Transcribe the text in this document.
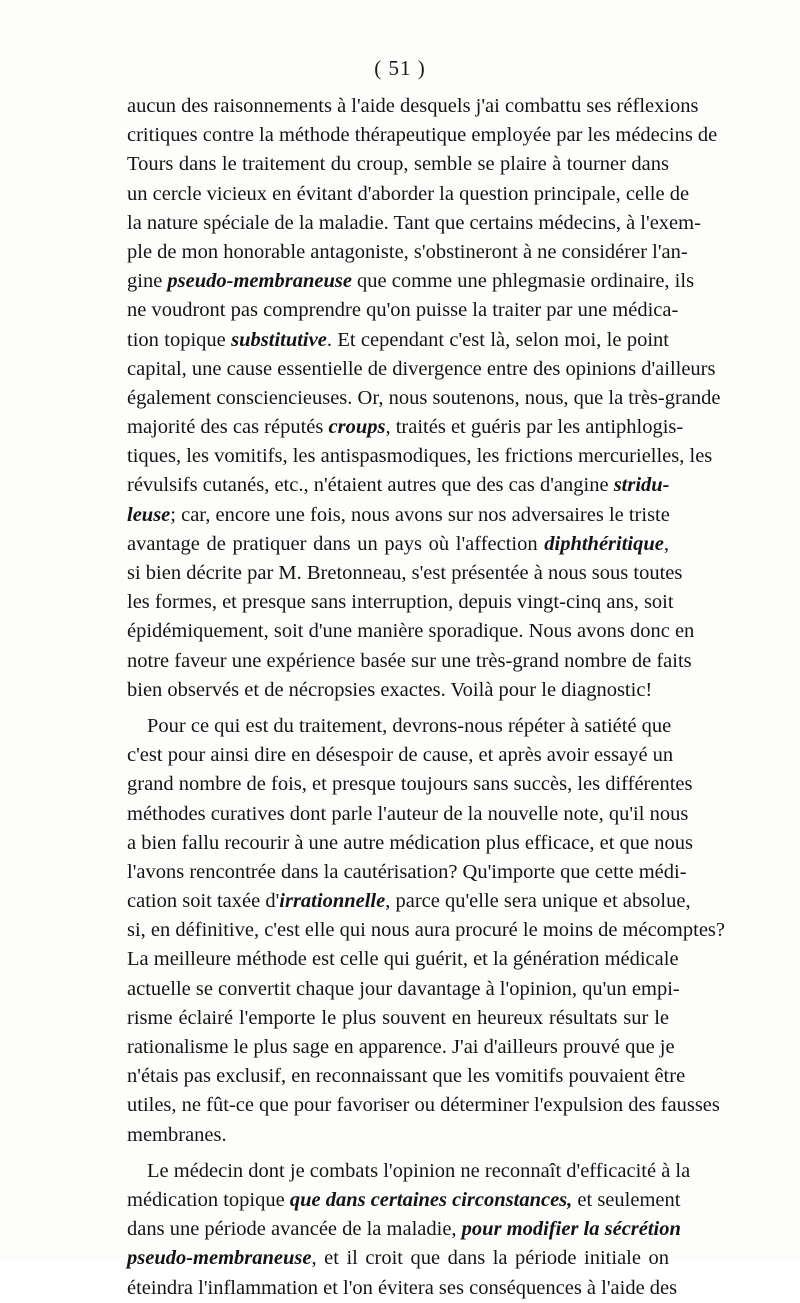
( 51 )
aucun des raisonnements à l'aide desquels j'ai combattu ses réflexions
critiques contre la méthode thérapeutique employée par les médecins de
Tours dans le traitement du croup, semble se plaire à tourner dans
un cercle vicieux en évitant d'aborder la question principale, celle de
la nature spéciale de la maladie. Tant que certains médecins, à l'exem-
ple de mon honorable antagoniste, s'obstineront à ne considérer l'an-
gine pseudo-membraneuse que comme une phlegmasie ordinaire, ils
ne voudront pas comprendre qu'on puisse la traiter par une médica-
tion topique substitutive. Et cependant c'est là, selon moi, le point
capital, une cause essentielle de divergence entre des opinions d'ailleurs
également consciencieuses. Or, nous soutenons, nous, que la très-grande
majorité des cas réputés croups, traités et guéris par les antiphlogis-
tiques, les vomitifs, les antispasmodiques, les frictions mercurielles, les
révulsifs cutanés, etc., n'étaient autres que des cas d'angine stridu-
leuse; car, encore une fois, nous avons sur nos adversaires le triste
avantage de pratiquer dans un pays où l'affection diphthéritique,
si bien décrite par M. Bretonneau, s'est présentée à nous sous toutes
les formes, et presque sans interruption, depuis vingt-cinq ans, soit
épidémiquement, soit d'une manière sporadique. Nous avons donc en
notre faveur une expérience basée sur une très-grand nombre de faits
bien observés et de nécropsies exactes. Voilà pour le diagnostic!
Pour ce qui est du traitement, devrons-nous répéter à satiété que
c'est pour ainsi dire en désespoir de cause, et après avoir essayé un
grand nombre de fois, et presque toujours sans succès, les différentes
méthodes curatives dont parle l'auteur de la nouvelle note, qu'il nous
a bien fallu recourir à une autre médication plus efficace, et que nous
l'avons rencontrée dans la cautérisation? Qu'importe que cette médi-
cation soit taxée d'irrationnelle, parce qu'elle sera unique et absolue,
si, en définitive, c'est elle qui nous aura procuré le moins de mécomptes?
La meilleure méthode est celle qui guérit, et la génération médicale
actuelle se convertit chaque jour davantage à l'opinion, qu'un empi-
risme éclairé l'emporte le plus souvent en heureux résultats sur le
rationalisme le plus sage en apparence. J'ai d'ailleurs prouvé que je
n'étais pas exclusif, en reconnaissant que les vomitifs pouvaient être
utiles, ne fût-ce que pour favoriser ou déterminer l'expulsion des fausses
membranes.
Le médecin dont je combats l'opinion ne reconnaît d'efficacité à la
médication topique que dans certaines circonstances, et seulement
dans une période avancée de la maladie, pour modifier la sécrétion
pseudo-membraneuse, et il croit que dans la période initiale on
éteindra l'inflammation et l'on évitera ses conséquences à l'aide des
